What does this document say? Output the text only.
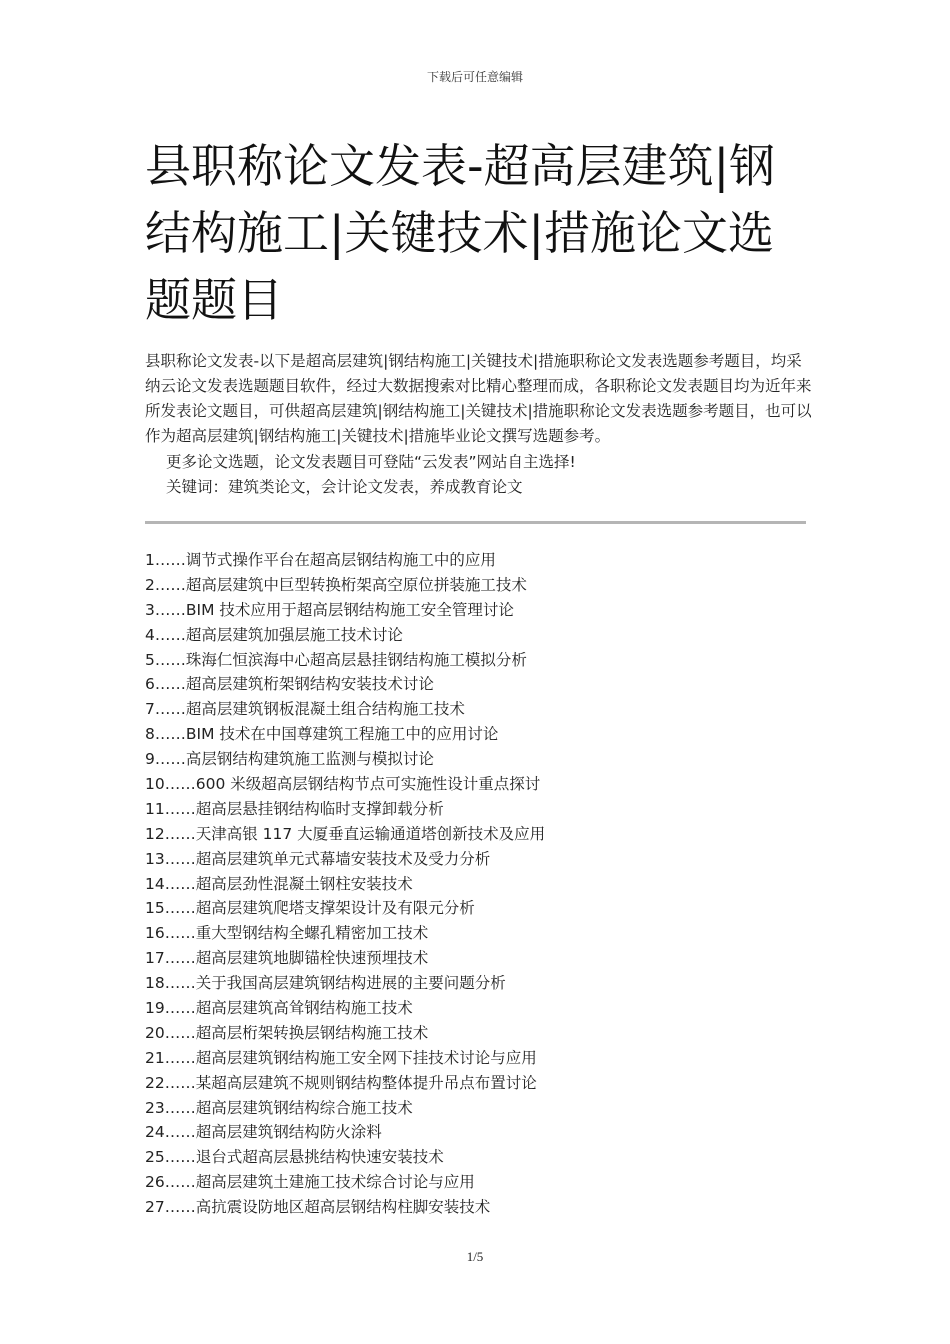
下载后可任意编辑
县职称论文发表-超高层建筑|钢结构施工|关键技术|措施论文选题题目

县职称论文发表-以下是超高层建筑|钢结构施工|关键技术|措施职称论文发表选题参考题目，均采纳云论文发表选题题目软件，经过大数据搜索对比精心整理而成，各职称论文发表题目均为近年来所发表论文题目，可供超高层建筑|钢结构施工|关键技术|措施职称论文发表选题参考题目，也可以作为超高层建筑|钢结构施工|关键技术|措施毕业论文撰写选题参考。

更多论文选题，论文发表题目可登陆“云发表”网站自主选择!

关键词：建筑类论文，会计论文发表，养成教育论文

1……调节式操作平台在超高层钢结构施工中的应用
2……超高层建筑中巨型转换桁架高空原位拼装施工技术
3……BIM 技术应用于超高层钢结构施工安全管理讨论
4……超高层建筑加强层施工技术讨论
5……珠海仁恒滨海中心超高层悬挂钢结构施工模拟分析
6……超高层建筑桁架钢结构安装技术讨论
7……超高层建筑钢板混凝土组合结构施工技术
8……BIM 技术在中国尊建筑工程施工中的应用讨论
9……高层钢结构建筑施工监测与模拟讨论
10……600 米级超高层钢结构节点可实施性设计重点探讨
11……超高层悬挂钢结构临时支撑卸载分析
12……天津高银 117 大厦垂直运输通道塔创新技术及应用
13……超高层建筑单元式幕墙安装技术及受力分析
14……超高层劲性混凝土钢柱安装技术
15……超高层建筑爬塔支撑架设计及有限元分析
16……重大型钢结构全螺孔精密加工技术
17……超高层建筑地脚锚栓快速预埋技术
18……关于我国高层建筑钢结构进展的主要问题分析
19……超高层建筑高耸钢结构施工技术
20……超高层桁架转换层钢结构施工技术
21……超高层建筑钢结构施工安全网下挂技术讨论与应用
22……某超高层建筑不规则钢结构整体提升吊点布置讨论
23……超高层建筑钢结构综合施工技术
24……超高层建筑钢结构防火涂料
25……退台式超高层悬挑结构快速安装技术
26……超高层建筑土建施工技术综合讨论与应用
27……高抗震设防地区超高层钢结构柱脚安装技术
1/5
